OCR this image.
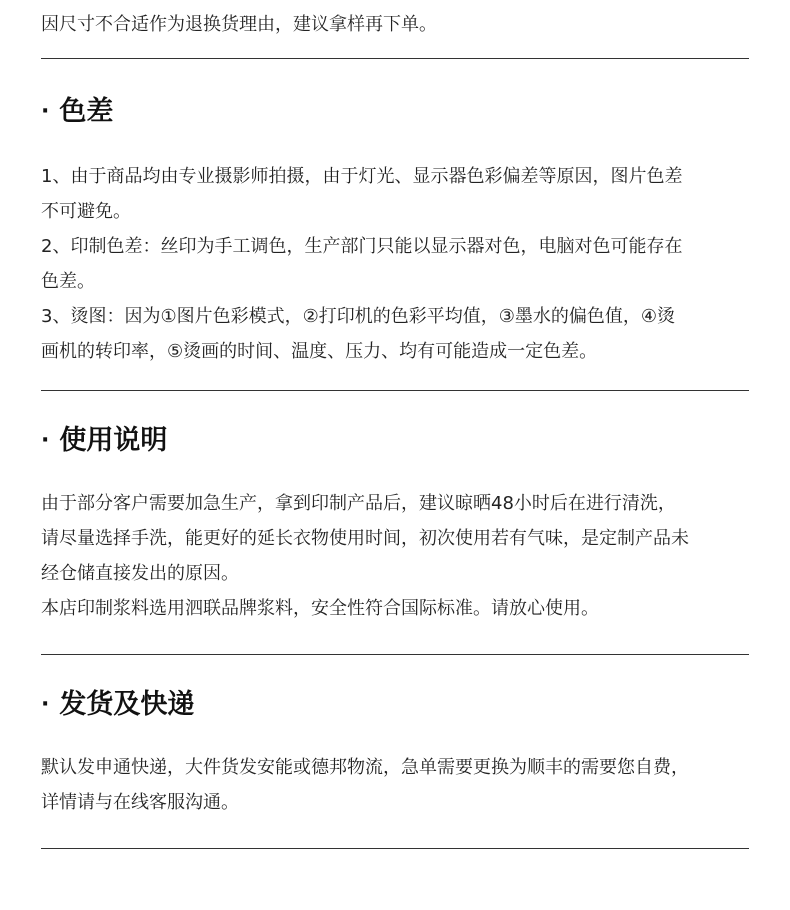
因尺寸不合适作为退换货理由，建议拿样再下单。

· 色差
1、由于商品均由专业摄影师拍摄，由于灯光、显示器色彩偏差等原因，图片色差
不可避免。
2、印制色差：丝印为手工调色，生产部门只能以显示器对色，电脑对色可能存在
色差。
3、烫图：因为①图片色彩模式，②打印机的色彩平均值，③墨水的偏色值，④烫
画机的转印率，⑤烫画的时间、温度、压力、均有可能造成一定色差。
· 使用说明
由于部分客户需要加急生产，拿到印制产品后，建议晾晒48小时后在进行清洗，
请尽量选择手洗，能更好的延长衣物使用时间，初次使用若有气味，是定制产品未
经仓储直接发出的原因。
本店印制浆料选用泗联品牌浆料，安全性符合国际标准。请放心使用。
· 发货及快递
默认发申通快递，大件货发安能或德邦物流，急单需要更换为顺丰的需要您自费，
详情请与在线客服沟通。
